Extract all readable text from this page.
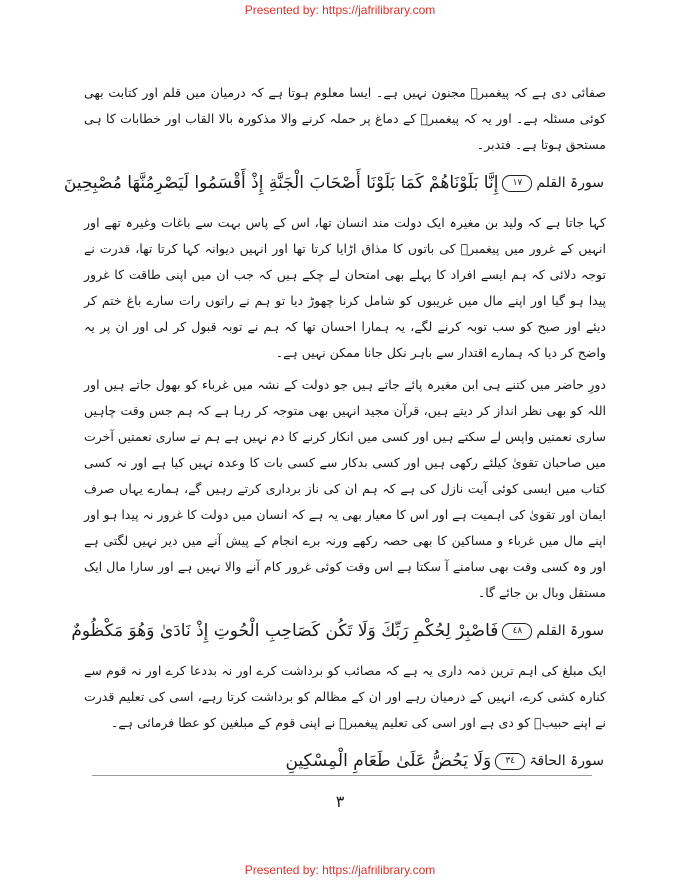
Presented by: https://jafrilibrary.com

صفائی دی ہے کہ پیغمبرؐ مجنون نہیں ہے۔ ایسا معلوم ہوتا ہے کہ درمیان میں قلم اور کتابت بھی کوئی مسئلہ ہے۔ اور یہ کہ پیغمبرؐ کے دماغ پر حملہ کرنے والا مذکورہ بالا القاب اور خطابات کا ہی مستحق ہوتا ہے۔ فتدبر۔

سورۃ القلم
١٧
إِنَّا بَلَوْنَاهُمْ كَمَا بَلَوْنَا أَصْحَابَ الْجَنَّةِ إِذْ أَقْسَمُوا لَيَصْرِمُنَّهَا مُصْبِحِينَ

کہا جاتا ہے کہ ولید بن مغیرہ ایک دولت مند انسان تھا، اس کے پاس بہت سے باغات وغیرہ تھے اور انہیں کے غرور میں پیغمبرؐ کی باتوں کا مذاق اڑایا کرتا تھا اور انہیں دیوانہ کہا کرتا تھا، قدرت نے توجہ دلائی کہ ہم ایسے افراد کا پہلے بھی امتحان لے چکے ہیں کہ جب ان میں اپنی طاقت کا غرور پیدا ہو گیا اور اپنے مال میں غریبوں کو شامل کرنا چھوڑ دیا تو ہم نے راتوں رات سارے باغ ختم کر دیئے اور صبح کو سب توبہ کرنے لگے، یہ ہمارا احسان تھا کہ ہم نے توبہ قبول کر لی اور ان پر یہ واضح کر دیا کہ ہمارے اقتدار سے باہر نکل جانا ممکن نہیں ہے۔

دورِ حاضر میں کتنے ہی ابن مغیرہ پائے جاتے ہیں جو دولت کے نشہ میں غرباء کو بھول جاتے ہیں اور اللہ کو بھی نظر انداز کر دیتے ہیں، قرآن مجید انہیں بھی متوجہ کر رہا ہے کہ ہم جس وقت چاہیں ساری نعمتیں واپس لے سکتے ہیں اور کسی میں انکار کرنے کا دم نہیں ہے ہم نے ساری نعمتیں آخرت میں صاحبان تقویٰ کیلئے رکھی ہیں اور کسی بدکار سے کسی بات کا وعدہ نہیں کیا ہے اور نہ کسی کتاب میں ایسی کوئی آیت نازل کی ہے کہ ہم ان کی ناز برداری کرتے رہیں گے، ہمارے یہاں صرف ایمان اور تقویٰ کی اہمیت ہے اور اس کا معیار بھی یہ ہے کہ انسان میں دولت کا غرور نہ پیدا ہو اور اپنے مال میں غرباء و مساکین کا بھی حصہ رکھے ورنہ برے انجام کے پیش آنے میں دیر نہیں لگتی ہے اور وہ کسی وقت بھی سامنے آ سکتا ہے اس وقت کوئی غرور کام آنے والا نہیں ہے اور سارا مال ایک مستقل وبال بن جائے گا۔

سورۃ القلم
٤٨
فَاصْبِرْ لِحُكْمِ رَبِّكَ وَلَا تَكُن كَصَاحِبِ الْحُوتِ إِذْ نَادَىٰ وَهُوَ مَكْظُومٌ

ایک مبلغ کی اہم ترین ذمہ داری یہ ہے کہ مصائب کو برداشت کرے اور نہ بددعا کرے اور نہ قوم سے کنارہ کشی کرے، انہیں کے درمیان رہے اور ان کے مظالم کو برداشت کرتا رہے، اسی کی تعلیم قدرت نے اپنے حبیبؐ کو دی ہے اور اسی کی تعلیم پیغمبرؐ نے اپنی قوم کے مبلغین کو عطا فرمائی ہے۔

سورۃ الحاقۃ
٣٤
وَلَا يَحُضُّ عَلَىٰ طَعَامِ الْمِسْكِينِ
۳
Presented by: https://jafrilibrary.com
